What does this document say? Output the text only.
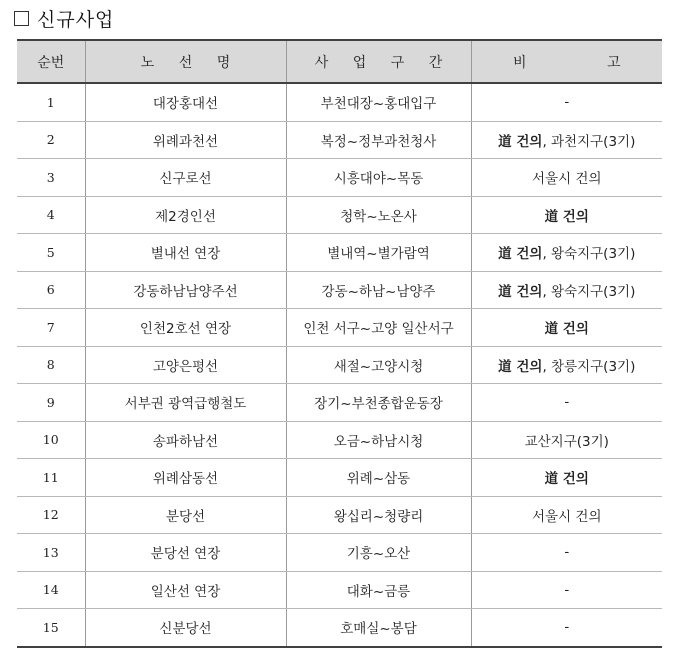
신규사업
순번	노 선 명	사 업 구 간	비 고
1	대장홍대선	부천대장~홍대입구	-
2	위례과천선	복정~정부과천청사	道 건의, 과천지구(3기)
3	신구로선	시흥대야~목동	서울시 건의
4	제2경인선	청학~노온사	道 건의
5	별내선 연장	별내역~별가람역	道 건의, 왕숙지구(3기)
6	강동하남남양주선	강동~하남~남양주	道 건의, 왕숙지구(3기)
7	인천2호선 연장	인천 서구~고양 일산서구	道 건의
8	고양은평선	새절~고양시청	道 건의, 창릉지구(3기)
9	서부권 광역급행철도	장기~부천종합운동장	-
10	송파하남선	오금~하남시청	교산지구(3기)
11	위례삼동선	위례~삼동	道 건의
12	분당선	왕십리~청량리	서울시 건의
13	분당선 연장	기흥~오산	-
14	일산선 연장	대화~금릉	-
15	신분당선	호매실~봉담	-
